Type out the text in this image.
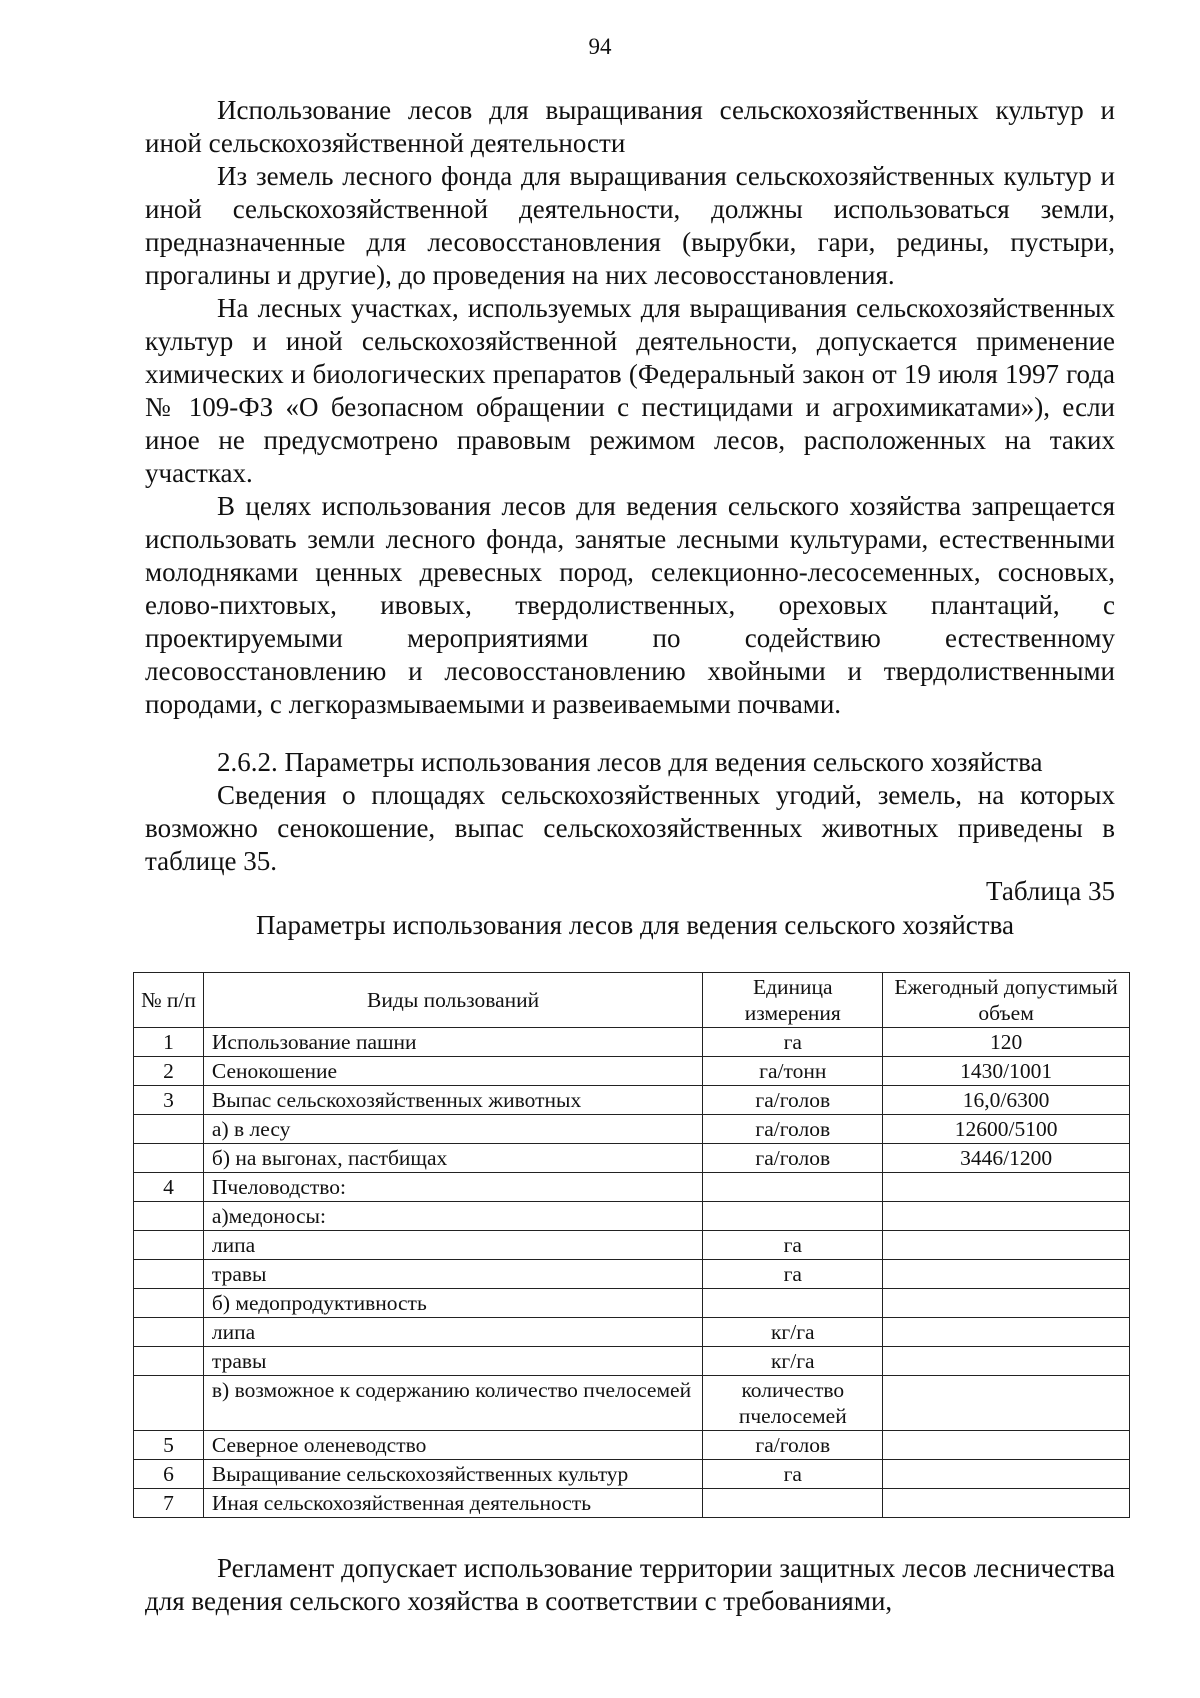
94

Использование лесов для выращивания сельскохозяйственных культур и иной сельскохозяйственной деятельности

Из земель лесного фонда для выращивания сельскохозяйственных культур и иной сельскохозяйственной деятельности, должны использоваться земли, предназначенные для лесовосстановления (вырубки, гари, редины, пустыри, прогалины и другие), до проведения на них лесовосстановления.

На лесных участках, используемых для выращивания сельскохозяйственных культур и иной сельскохозяйственной деятельности, допускается применение химических и биологических препаратов (Федеральный закон от 19 июля 1997 года № 109-ФЗ «О безопасном обращении с пестицидами и агрохимикатами»), если иное не предусмотрено правовым режимом лесов, расположенных на таких участках.

В целях использования лесов для ведения сельского хозяйства запрещается использовать земли лесного фонда, занятые лесными культурами, естественными молодняками ценных древесных пород, селекционно-лесосеменных, сосновых, елово-пихтовых, ивовых, твердолиственных, ореховых плантаций, с проектируемыми мероприятиями по содействию естественному лесовосстановлению и лесовосстановлению хвойными и твердолиственными породами, с легкоразмываемыми и развеиваемыми почвами.

2.6.2. Параметры использования лесов для ведения сельского хозяйства

Сведения о площадях сельскохозяйственных угодий, земель, на которых возможно сенокошение, выпас сельскохозяйственных животных приведены в таблице 35.

Таблица 35
Параметры использования лесов для ведения сельского хозяйства
№ п/п	Виды пользований	Единица измерения	Ежегодный допустимый объем
1	Использование пашни	га	120
2	Сенокошение	га/тонн	1430/1001
3	Выпас сельскохозяйственных животных	га/голов	16,0/6300
	а) в лесу	га/голов	12600/5100
	б) на выгонах, пастбищах	га/голов	3446/1200
4	Пчеловодство:		
	а)медоносы:		
	липа	га	
	травы	га	
	б) медопродуктивность		
	липа	кг/га	
	травы	кг/га	
	в) возможное к содержанию количество пчелосемей	количество пчелосемей	
5	Северное оленеводство	га/голов	
6	Выращивание сельскохозяйственных культур	га	
7	Иная сельскохозяйственная деятельность		

Регламент допускает использование территории защитных лесов лесничества для ведения сельского хозяйства в соответствии с требованиями,
